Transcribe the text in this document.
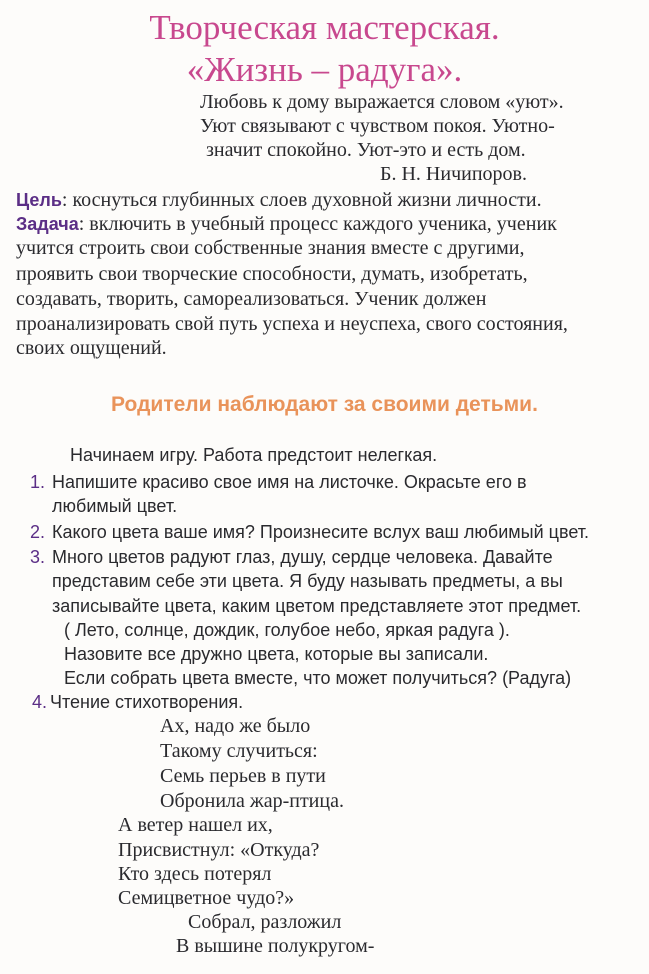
Творческая мастерская.
«Жизнь – радуга».
Любовь к дому выражается словом «уют».
Уют связывают с чувством покоя. Уютно-
значит спокойно. Уют-это и есть дом.
Б. Н. Ничипоров.
Цель: коснуться глубинных слоев духовной жизни личности.
Задача: включить в учебный процесс каждого ученика, ученик
учится строить свои собственные знания вместе с другими,
проявить свои творческие способности, думать, изобретать,
создавать, творить, самореализоваться. Ученик должен
проанализировать свой путь успеха и неуспеха, свого состояния,
своих ощущений.
Родители наблюдают за своими детьми.
Начинаем игру. Работа предстоит нелегкая.
1. Напишите красиво свое имя на листочке. Окрасьте его в
любимый цвет.
2. Какого цвета ваше имя? Произнесите вслух ваш любимый цвет.
3. Много цветов радуют глаз, душу, сердце человека. Давайте
представим себе эти цвета. Я буду называть предметы, а вы
записывайте цвета, каким цветом представляете этот предмет.
( Лето, солнце, дождик, голубое небо, яркая радуга ).
Назовите все дружно цвета, которые вы записали.
Если собрать цвета вместе, что может получиться? (Радуга)
4. Чтение стихотворения.
Ах, надо же было
Такому случиться:
Семь перьев в пути
Обронила жар-птица.
А ветер нашел их,
Присвистнул: «Откуда?
Кто здесь потерял
Семицветное чудо?»
Собрал, разложил
В вышине полукругом-
